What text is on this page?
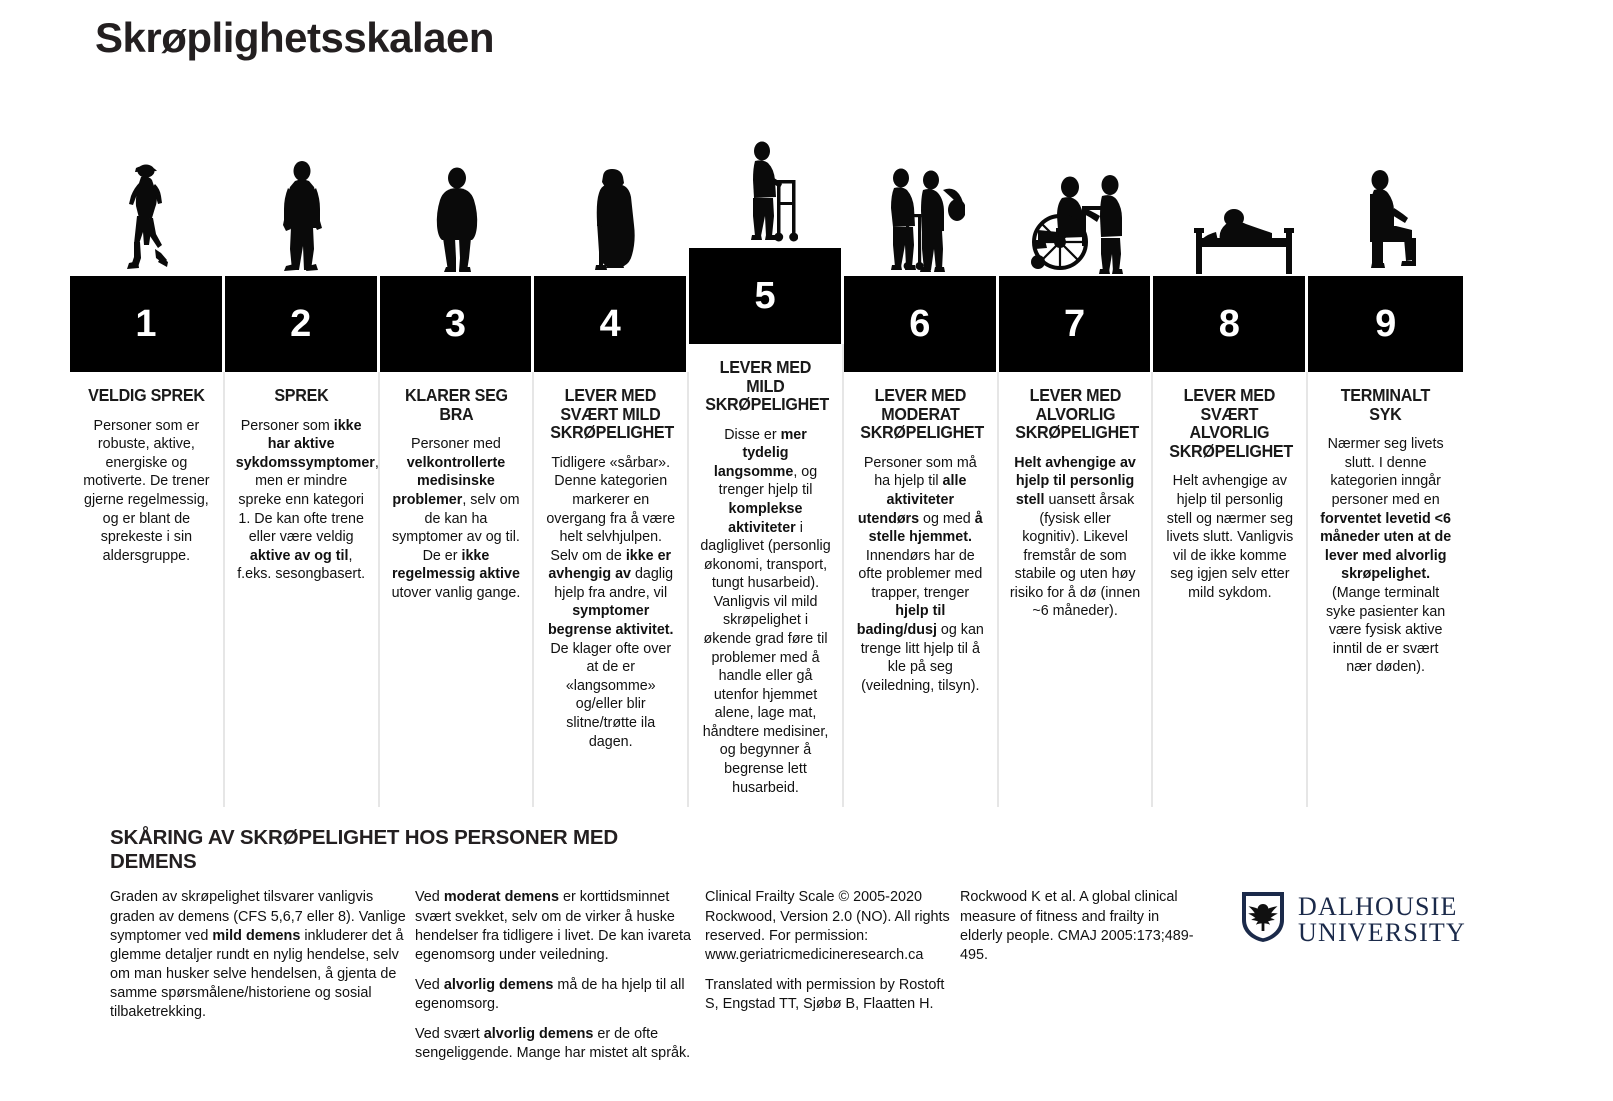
Skrøplighetsskalaen
1
VELDIG SPREK
Personer som er robuste, aktive, energiske og motiverte. De trener gjerne regelmessig, og er blant de sprekeste i sin aldersgruppe.
2
SPREK
Personer som ikke har aktive sykdomssymptomer, men er mindre spreke enn kategori 1. De kan ofte trene eller være veldig aktive av og til, f.eks. sesongbasert.
3
KLARER SEG BRA
Personer med velkontrollerte medisinske problemer, selv om de kan ha symptomer av og til. De er ikke regelmessig aktive utover vanlig gange.
4
LEVER MED SVÆRT MILD SKRØPELIGHET
Tidligere «sårbar». Denne kategorien markerer en overgang fra å være helt selvhjulpen. Selv om de ikke er avhengig av daglig hjelp fra andre, vil symptomer begrense aktivitet. De klager ofte over at de er «langsomme» og/eller blir slitne/trøtte ila dagen.
5
LEVER MED MILD SKRØPELIGHET
Disse er mer tydelig langsomme, og trenger hjelp til komplekse aktiviteter i dagliglivet (personlig økonomi, transport, tungt husarbeid). Vanligvis vil mild skrøpelighet i økende grad føre til problemer med å handle eller gå utenfor hjemmet alene, lage mat, håndtere medisiner, og begynner å begrense lett husarbeid.
6
LEVER MED MODERAT SKRØPELIGHET
Personer som må ha hjelp til alle aktiviteter utendørs og med å stelle hjemmet. Innendørs har de ofte problemer med trapper, trenger hjelp til bading/dusj og kan trenge litt hjelp til å kle på seg (veiledning, tilsyn).
7
LEVER MED ALVORLIG SKRØPELIGHET
Helt avhengige av hjelp til personlig stell uansett årsak (fysisk eller kognitiv). Likevel fremstår de som stabile og uten høy risiko for å dø (innen ~6 måneder).
8
LEVER MED SVÆRT ALVORLIG SKRØPELIGHET
Helt avhengige av hjelp til personlig stell og nærmer seg livets slutt. Vanligvis vil de ikke komme seg igjen selv etter mild sykdom.
9
TERMINALT SYK
Nærmer seg livets slutt. I denne kategorien inngår personer med en forventet levetid <6 måneder uten at de lever med alvorlig skrøpelighet. (Mange terminalt syke pasienter kan være fysisk aktive inntil de er svært nær døden).
SKÅRING AV SKRØPELIGHET HOS PERSONER MED DEMENS

Graden av skrøpelighet tilsvarer vanligvis graden av demens (CFS 5,6,7 eller 8). Vanlige symptomer ved mild demens inkluderer det å glemme detaljer rundt en nylig hendelse, selv om man husker selve hendelsen, å gjenta de samme spørsmålene/historiene og sosial tilbaketrekking.

Ved moderat demens er korttidsminnet svært svekket, selv om de virker å huske hendelser fra tidligere i livet. De kan ivareta egenomsorg under veiledning.

Ved alvorlig demens må de ha hjelp til all egenomsorg.

Ved svært alvorlig demens er de ofte sengeliggende. Mange har mistet alt språk.

Clinical Frailty Scale © 2005-2020 Rockwood, Version 2.0 (NO). All rights reserved. For permission: www.geriatricmedicineresearch.ca

Translated with permission by Rostoft S, Engstad TT, Sjøbø B, Flaatten H.

Rockwood K et al. A global clinical measure of fitness and frailty in elderly people. CMAJ 2005:173;489-495.

DALHOUSIE
UNIVERSITY
